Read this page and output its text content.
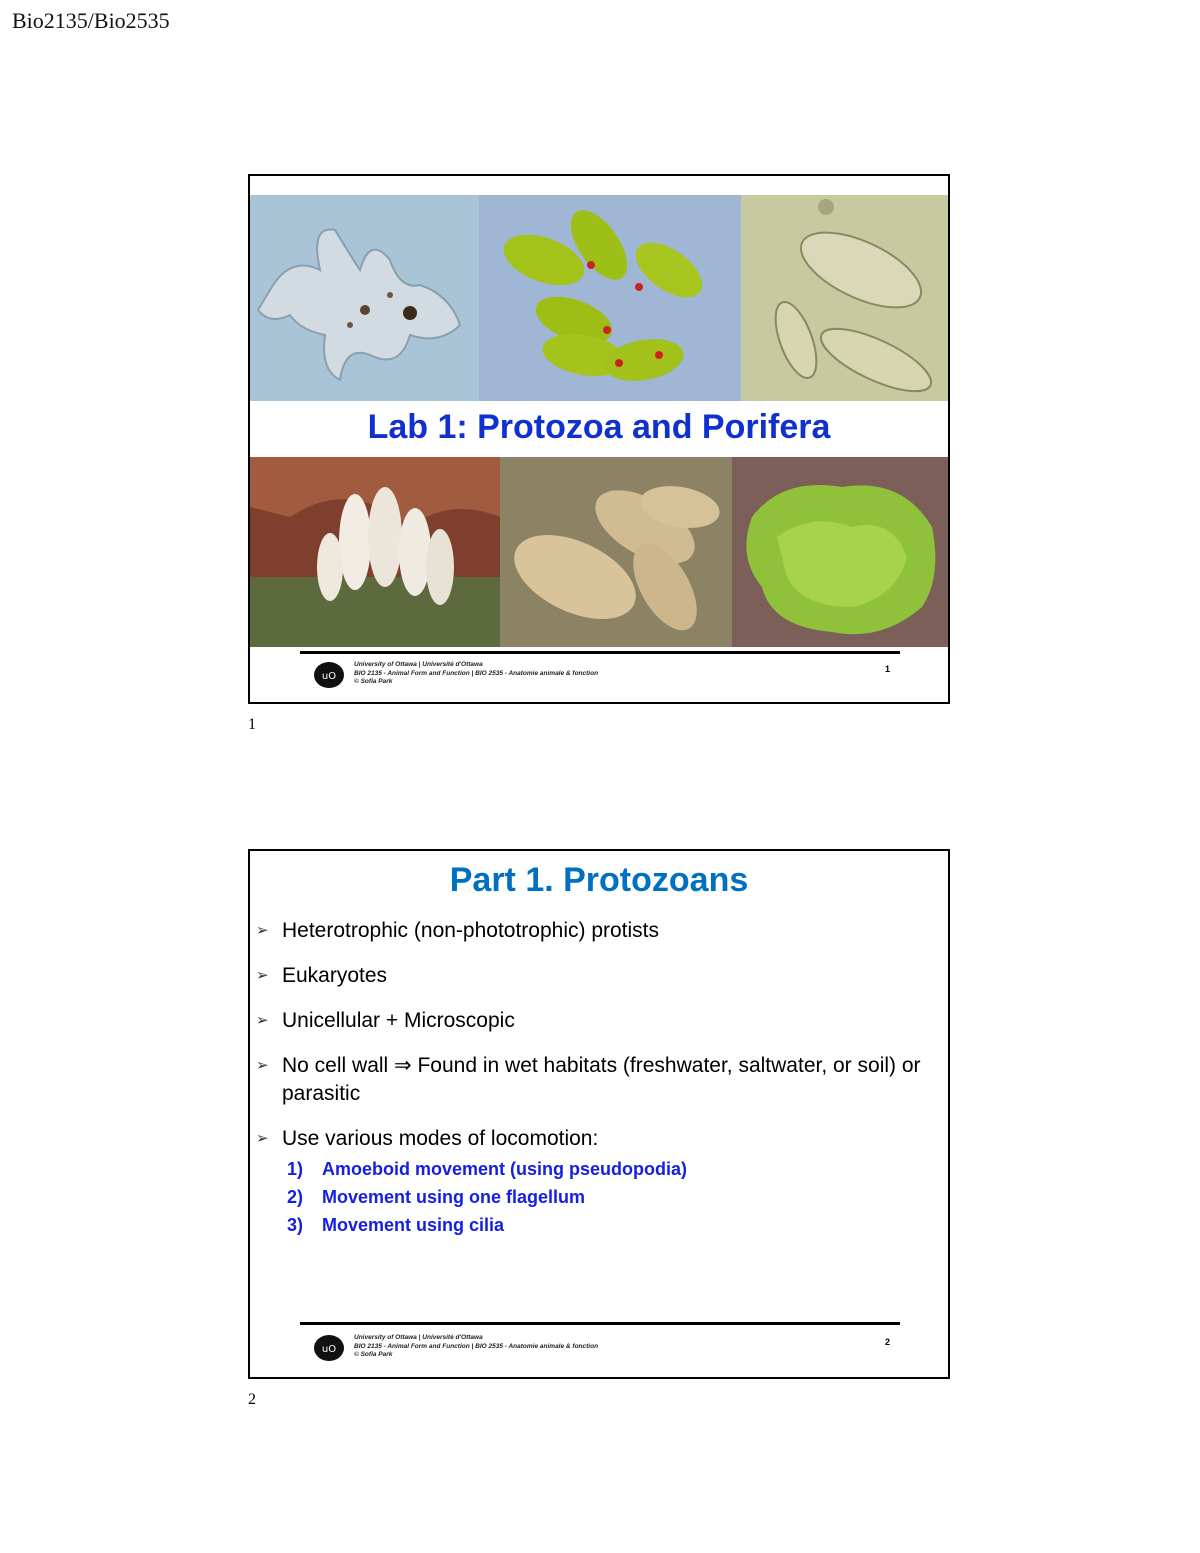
Bio2135/Bio2535
Lab 1: Protozoa and Porifera
uO
University of Ottawa | Université d'Ottawa
BIO 2135 - Animal Form and Function | BIO 2535 - Anatomie animale & fonction
© Sofia Park
1
1
Part 1. Protozoans
➢ Heterotrophic (non-phototrophic) protists
➢ Eukaryotes
➢ Unicellular + Microscopic
➢ No cell wall ⇒ Found in wet habitats (freshwater, saltwater, or soil) or parasitic
➢ Use various modes of locomotion:
1) Amoeboid movement (using pseudopodia)
2) Movement using one flagellum
3) Movement using cilia
uO
University of Ottawa | Université d'Ottawa
BIO 2135 - Animal Form and Function | BIO 2535 - Anatomie animale & fonction
© Sofia Park
2
2
